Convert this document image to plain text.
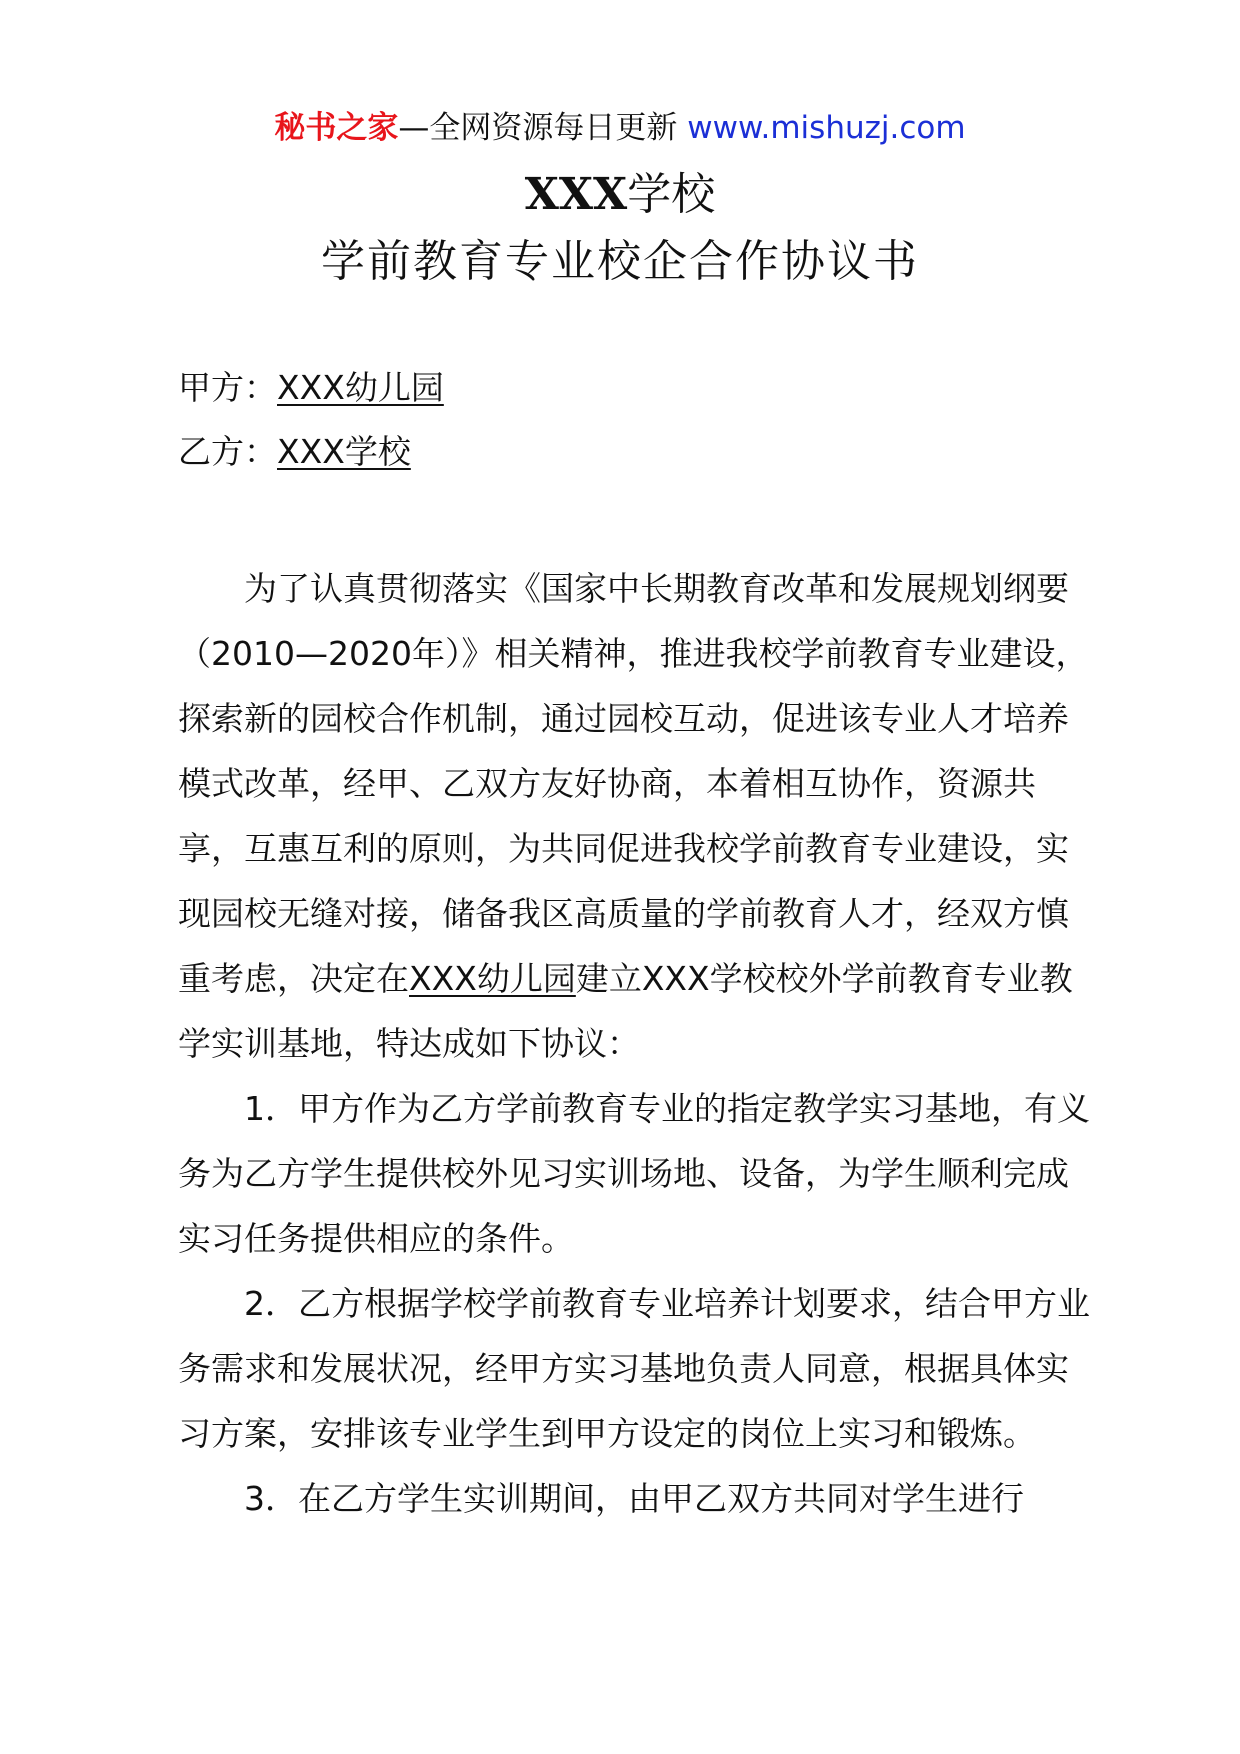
秘书之家—全网资源每日更新 www.mishuzj.com
XXX学校
学前教育专业校企合作协议书
甲方：XXX幼儿园
乙方：XXX学校

为了认真贯彻落实《国家中长期教育改革和发展规划纲要（2010—2020年）》相关精神，推进我校学前教育专业建设，探索新的园校合作机制，通过园校互动，促进该专业人才培养模式改革，经甲、乙双方友好协商，本着相互协作，资源共享，互惠互利的原则，为共同促进我校学前教育专业建设，实现园校无缝对接，储备我区高质量的学前教育人才，经双方慎重考虑，决定在XXX幼儿园建立XXX学校校外学前教育专业教学实训基地，特达成如下协议：

1．甲方作为乙方学前教育专业的指定教学实习基地，有义务为乙方学生提供校外见习实训场地、设备，为学生顺利完成实习任务提供相应的条件。

2．乙方根据学校学前教育专业培养计划要求，结合甲方业务需求和发展状况，经甲方实习基地负责人同意，根据具体实习方案，安排该专业学生到甲方设定的岗位上实习和锻炼。

3．在乙方学生实训期间，由甲乙双方共同对学生进行
